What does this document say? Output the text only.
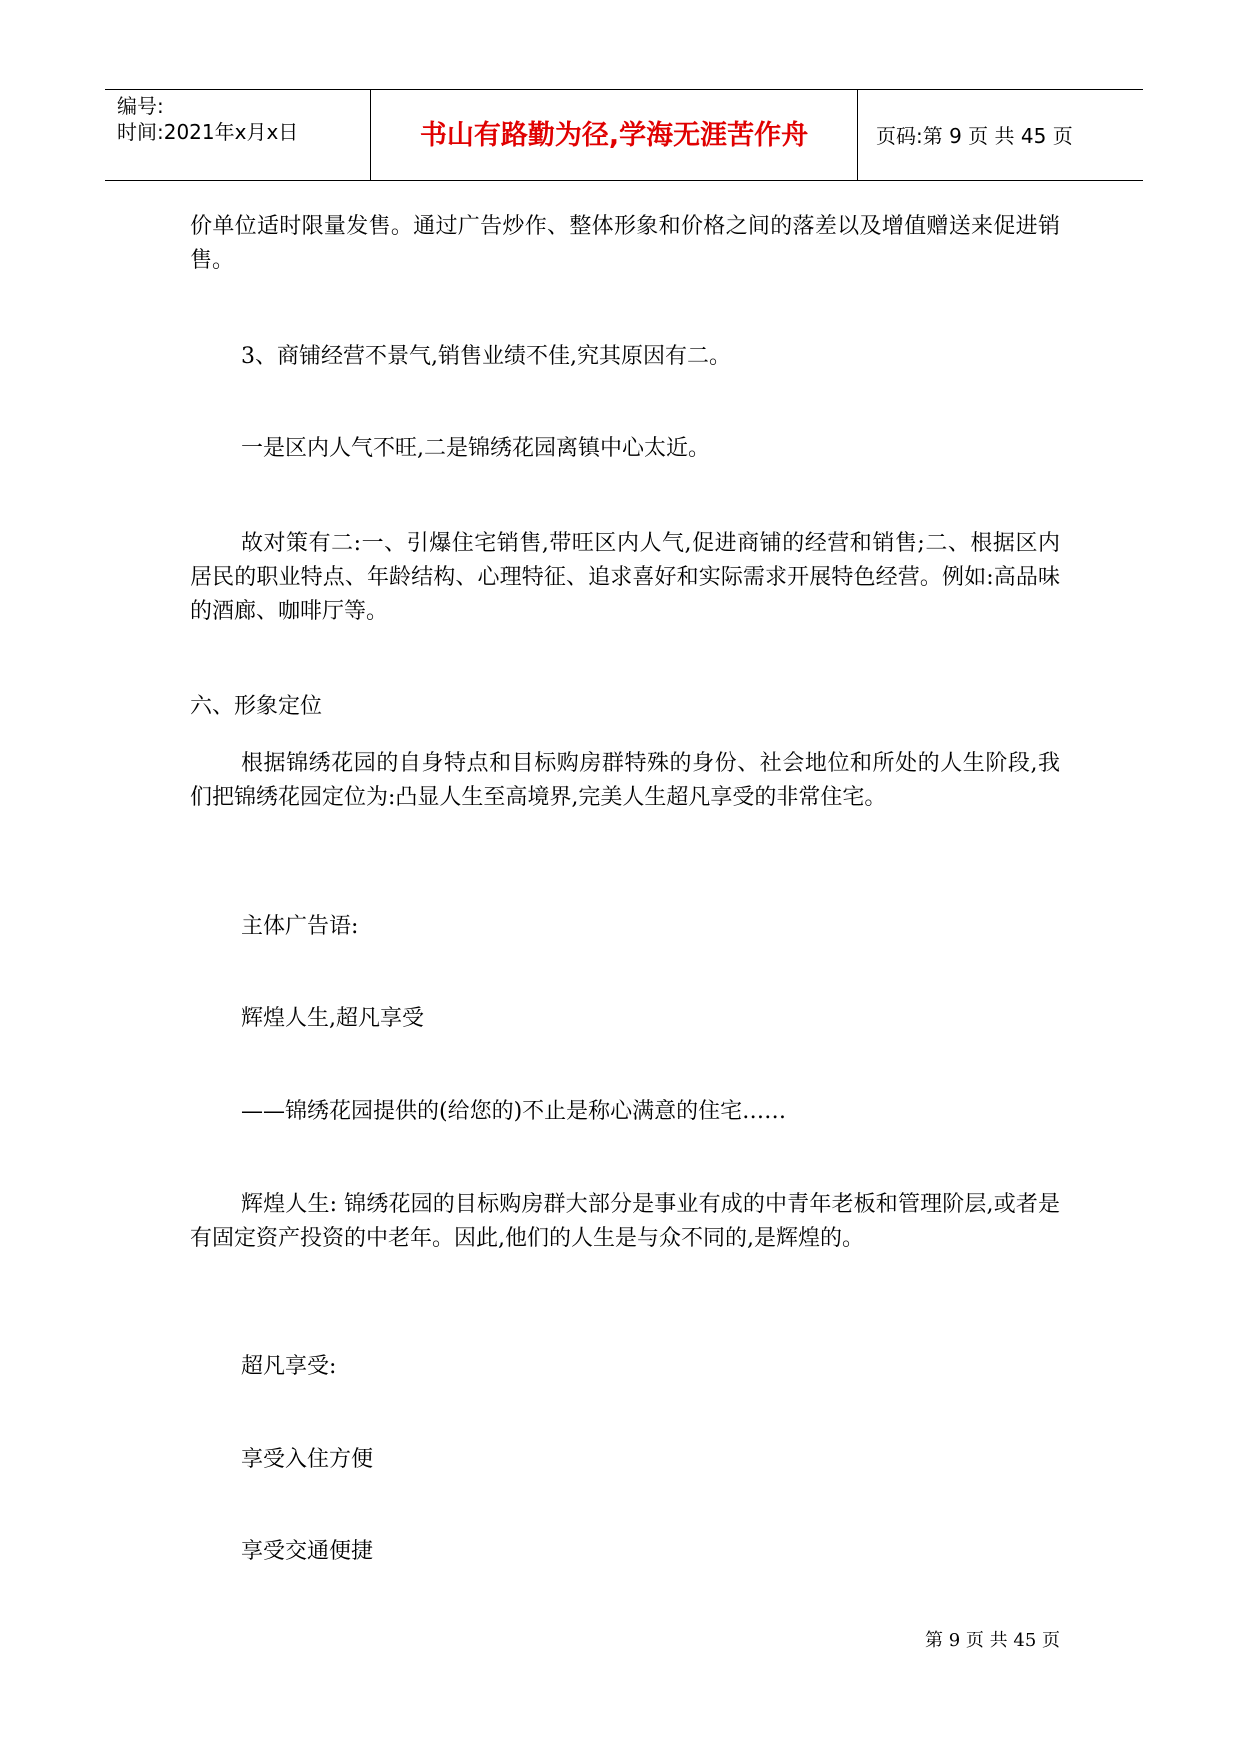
编号:
时间:2021年x月x日	书山有路勤为径,学海无涯苦作舟	页码:第 9 页 共 45 页

价单位适时限量发售。通过广告炒作、整体形象和价格之间的落差以及增值赠送来促进销售。

3、商铺经营不景气,销售业绩不佳,究其原因有二。

一是区内人气不旺,二是锦绣花园离镇中心太近。

故对策有二:一、引爆住宅销售,带旺区内人气,促进商铺的经营和销售;二、根据区内居民的职业特点、年龄结构、心理特征、追求喜好和实际需求开展特色经营。例如:高品味的酒廊、咖啡厅等。

六、形象定位

根据锦绣花园的自身特点和目标购房群特殊的身份、社会地位和所处的人生阶段,我们把锦绣花园定位为:凸显人生至高境界,完美人生超凡享受的非常住宅。

主体广告语:

辉煌人生,超凡享受

——锦绣花园提供的(给您的)不止是称心满意的住宅……

辉煌人生: 锦绣花园的目标购房群大部分是事业有成的中青年老板和管理阶层,或者是有固定资产投资的中老年。因此,他们的人生是与众不同的,是辉煌的。

超凡享受:

享受入住方便

享受交通便捷

第 9 页 共 45 页
